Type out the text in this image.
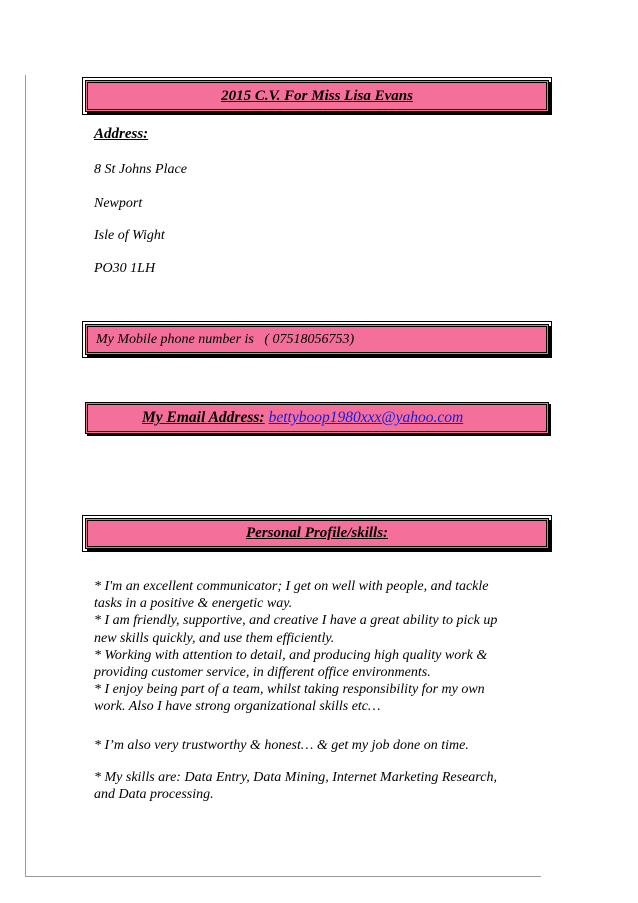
2015 C.V. For Miss Lisa Evans
Address:
8 St Johns Place
Newport
Isle of Wight
PO30 1LH
My Mobile phone number is   ( 07518056753)
My Email Address: bettyboop1980xxx@yahoo.com
Personal Profile/skills:
* I'm an excellent communicator; I get on well with people, and tackle
tasks in a positive & energetic way.
* I am friendly, supportive, and creative I have a great ability to pick up
new skills quickly, and use them efficiently.
* Working with attention to detail, and producing high quality work &
providing customer service, in different office environments.
* I enjoy being part of a team, whilst taking responsibility for my own
work. Also I have strong organizational skills etc…
* I’m also very trustworthy & honest… & get my job done on time.
* My skills are: Data Entry, Data Mining, Internet Marketing Research,
and Data processing.
